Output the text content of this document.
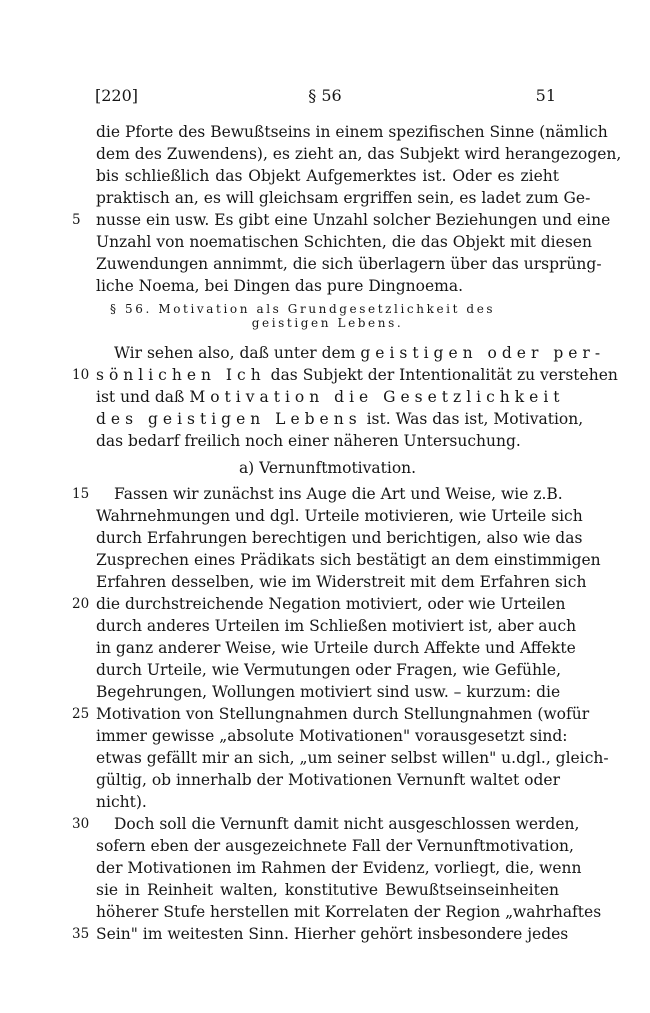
[220]	§ 56	51
die Pforte des Bewußtseins in einem spezifischen Sinne (nämlich
dem des Zuwendens), es zieht an, das Subjekt wird herangezogen,
bis schließlich das Objekt Aufgemerktes ist. Oder es zieht
praktisch an, es will gleichsam ergriffen sein, es ladet zum Ge-
nusse ein usw. Es gibt eine Unzahl solcher Beziehungen und eine
Unzahl von noematischen Schichten, die das Objekt mit diesen
Zuwendungen annimmt, die sich überlagern über das ursprüng-
liche Noema, bei Dingen das pure Dingnoema.
§ 56. Motivation als Grundgesetzlichkeit des
geistigen Lebens.
Wir sehen also, daß unter dem geistigen oder per-
sönlichen Ich das Subjekt der Intentionalität zu verstehen
ist und daß Motivation die Gesetzlichkeit
des geistigen Lebens ist. Was das ist, Motivation,
das bedarf freilich noch einer näheren Untersuchung.
a) Vernunftmotivation.
Fassen wir zunächst ins Auge die Art und Weise, wie z.B.
Wahrnehmungen und dgl. Urteile motivieren, wie Urteile sich
durch Erfahrungen berechtigen und berichtigen, also wie das
Zusprechen eines Prädikats sich bestätigt an dem einstimmigen
Erfahren desselben, wie im Widerstreit mit dem Erfahren sich
die durchstreichende Negation motiviert, oder wie Urteilen
durch anderes Urteilen im Schließen motiviert ist, aber auch
in ganz anderer Weise, wie Urteile durch Affekte und Affekte
durch Urteile, wie Vermutungen oder Fragen, wie Gefühle,
Begehrungen, Wollungen motiviert sind usw. – kurzum: die
Motivation von Stellungnahmen durch Stellungnahmen (wofür
immer gewisse „absolute Motivationen" vorausgesetzt sind:
etwas gefällt mir an sich, „um seiner selbst willen" u.dgl., gleich-
gültig, ob innerhalb der Motivationen Vernunft waltet oder
nicht).
Doch soll die Vernunft damit nicht ausgeschlossen werden,
sofern eben der ausgezeichnete Fall der Vernunftmotivation,
der Motivationen im Rahmen der Evidenz, vorliegt, die, wenn
sie in Reinheit walten, konstitutive Bewußtseinseinheiten
höherer Stufe herstellen mit Korrelaten der Region „wahrhaftes
Sein" im weitesten Sinn. Hierher gehört insbesondere jedes
5
10
15
20
25
30
35
